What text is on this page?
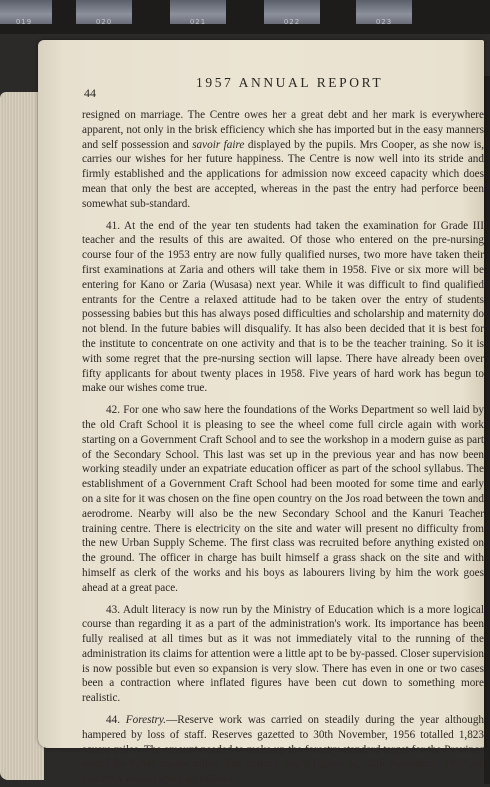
019	020	021	022	023
44
1957 ANNUAL REPORT

resigned on marriage. The Centre owes her a great debt and her mark is everywhere apparent, not only in the brisk efficiency which she has imported but in the easy manners and self possession and savoir faire displayed by the pupils. Mrs Cooper, as she now is, carries our wishes for her future happiness. The Centre is now well into its stride and firmly established and the applications for admission now exceed capacity which does mean that only the best are accepted, whereas in the past the entry had perforce been somewhat sub-standard.

41. At the end of the year ten students had taken the examination for Grade III teacher and the results of this are awaited. Of those who entered on the pre-nursing course four of the 1953 entry are now fully qualified nurses, two more have taken their first examinations at Zaria and others will take them in 1958. Five or six more will be entering for Kano or Zaria (Wusasa) next year. While it was difficult to find qualified entrants for the Centre a relaxed attitude had to be taken over the entry of students possessing babies but this has always posed difficulties and scholarship and maternity do not blend. In the future babies will disqualify. It has also been decided that it is best for the institute to concentrate on one activity and that is to be the teacher training. So it is with some regret that the pre-nursing section will lapse. There have already been over fifty applicants for about twenty places in 1958. Five years of hard work has begun to make our wishes come true.

42. For one who saw here the foundations of the Works Department so well laid by the old Craft School it is pleasing to see the wheel come full circle again with work starting on a Government Craft School and to see the workshop in a modern guise as part of the Secondary School. This last was set up in the previous year and has now been working steadily under an expatriate education officer as part of the school syllabus. The establishment of a Government Craft School had been mooted for some time and early on a site for it was chosen on the fine open country on the Jos road between the town and aerodrome. Nearby will also be the new Secondary School and the Kanuri Teacher training centre. There is electricity on the site and water will present no difficulty from the new Urban Supply Scheme. The first class was recruited before anything existed on the ground. The officer in charge has built himself a grass shack on the site and with himself as clerk of the works and his boys as labourers living by him the work goes ahead at a great pace.

43. Adult literacy is now run by the Ministry of Education which is a more logical course than regarding it as a part of the administration's work. Its importance has been fully realised at all times but as it was not immediately vital to the running of the administration its claims for attention were a little apt to be by-passed. Closer supervision is now possible but even so expansion is very slow. There has even in one or two cases been a contraction where inflated figures have been cut down to something more realistic.

44. Forestry.—Reserve work was carried on steadily during the year although hampered by loss of staff. Reserves gazetted to 30th November, 1956 totalled 1,823 square miles. The amount needed to make up the forestry standard target for the Province would be 9,000 square miles. The current year's figures to, 30th November, 1957 are distinctly encouraging, as follows:—
